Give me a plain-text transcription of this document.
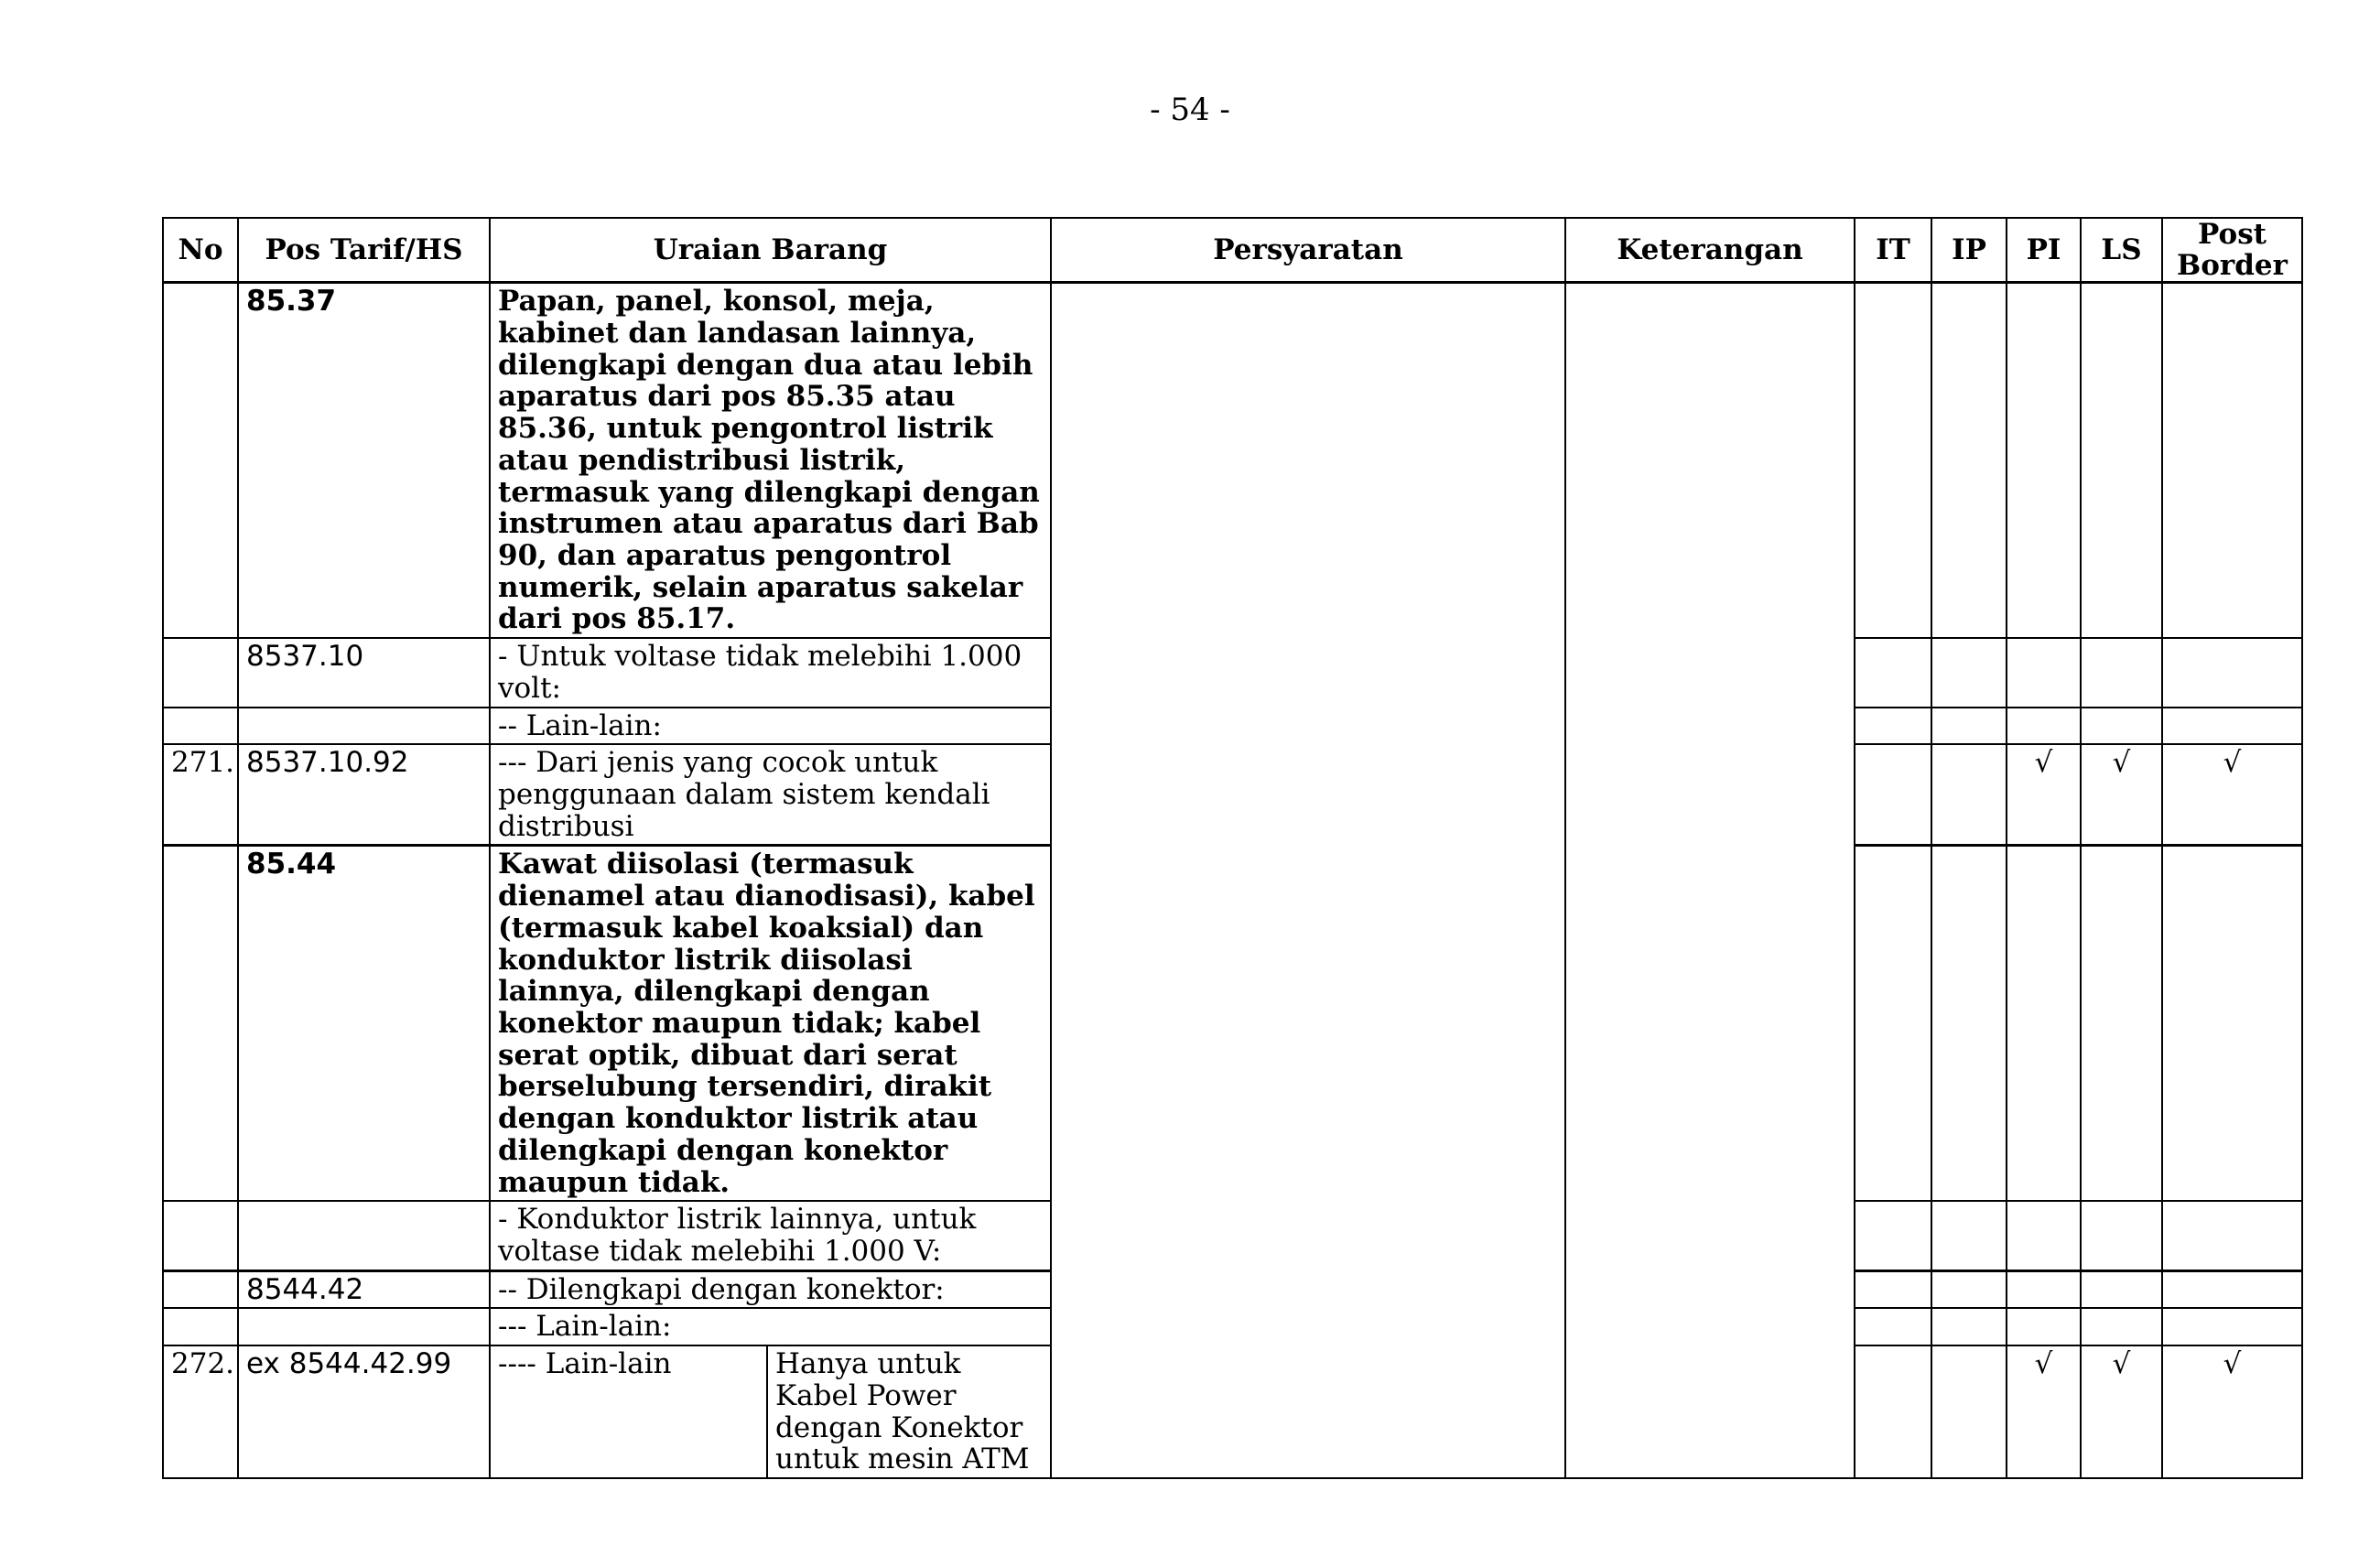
- 54 -
No	Pos Tarif/HS	Uraian Barang		Persyaratan	Keterangan	IT	IP	PI	LS	Post Border
	85.37	Papan, panel, konsol, meja, kabinet dan landasan lainnya, dilengkapi dengan dua atau lebih aparatus dari pos 85.35 atau 85.36, untuk pengontrol listrik atau pendistribusi listrik, termasuk yang dilengkapi dengan instrumen atau aparatus dari Bab 90, dan aparatus pengontrol numerik, selain aparatus sakelar dari pos 85.17.								
	8537.10	- Untuk voltase tidak melebihi 1.000 volt:								
		-- Lain-lain:								
271.	8537.10.92	--- Dari jenis yang cocok untuk penggunaan dalam sistem kendali distribusi						√	√	√
	85.44	Kawat diisolasi (termasuk dienamel atau dianodisasi), kabel (termasuk kabel koaksial) dan konduktor listrik diisolasi lainnya, dilengkapi dengan konektor maupun tidak; kabel serat optik, dibuat dari serat berselubung tersendiri, dirakit dengan konduktor listrik atau dilengkapi dengan konektor maupun tidak.								
		- Konduktor listrik lainnya, untuk voltase tidak melebihi 1.000 V:								
	8544.42	-- Dilengkapi dengan konektor:								
		--- Lain-lain:								
272.	ex 8544.42.99	---- Lain-lain	Hanya untuk Kabel Power dengan Konektor untuk mesin ATM					√	√	√
